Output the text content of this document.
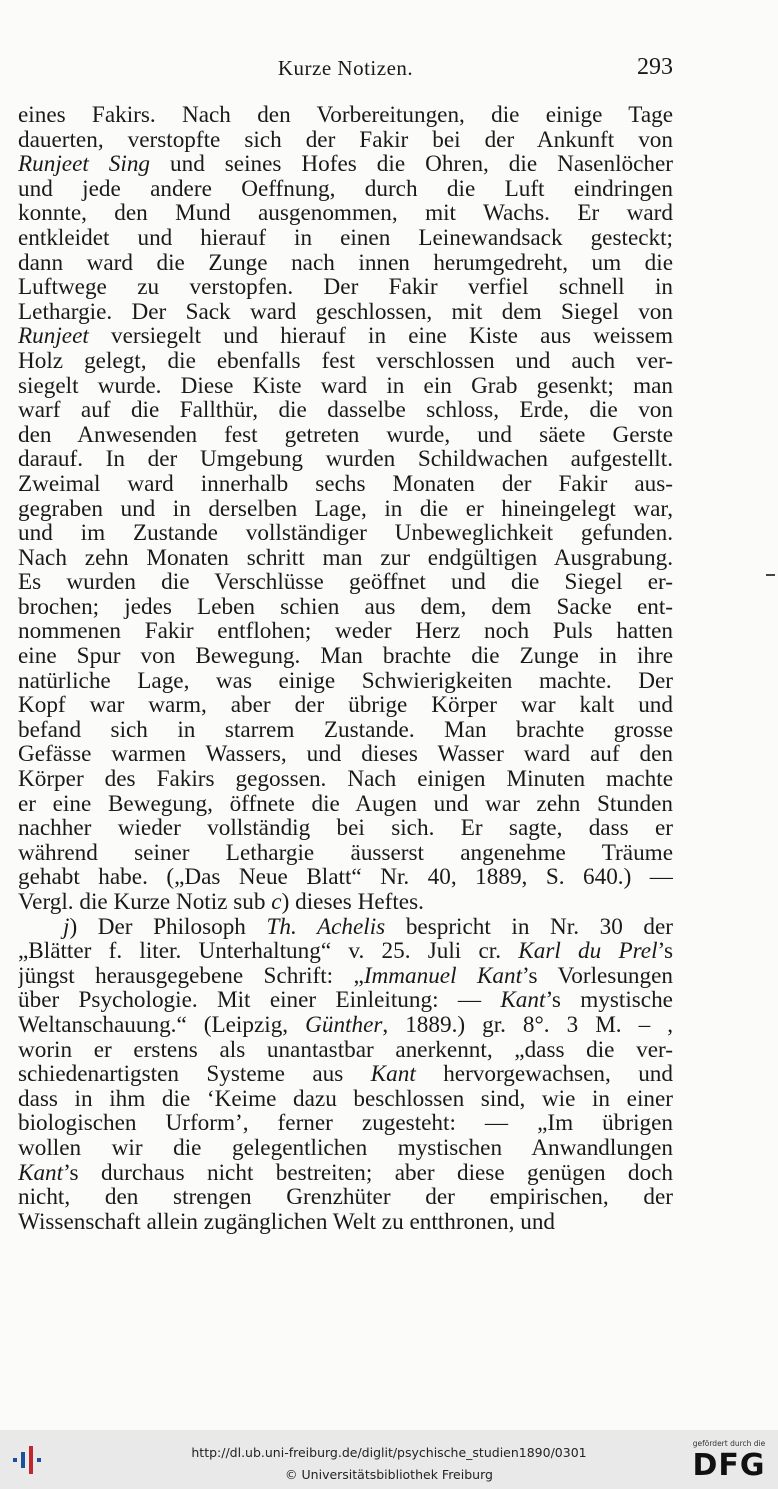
Kurze Notizen.	293
eines Fakirs. Nach den Vorbereitungen, die einige Tage
dauerten, verstopfte sich der Fakir bei der Ankunft von
Runjeet Sing und seines Hofes die Ohren, die Nasenlöcher
und jede andere Oeffnung, durch die Luft eindringen
konnte, den Mund ausgenommen, mit Wachs. Er ward
entkleidet und hierauf in einen Leinewandsack gesteckt;
dann ward die Zunge nach innen herumgedreht, um die
Luftwege zu verstopfen. Der Fakir verfiel schnell in
Lethargie. Der Sack ward geschlossen, mit dem Siegel von
Runjeet versiegelt und hierauf in eine Kiste aus weissem
Holz gelegt, die ebenfalls fest verschlossen und auch ver-
siegelt wurde. Diese Kiste ward in ein Grab gesenkt; man
warf auf die Fallthür, die dasselbe schloss, Erde, die von
den Anwesenden fest getreten wurde, und säete Gerste
darauf. In der Umgebung wurden Schildwachen aufgestellt.
Zweimal ward innerhalb sechs Monaten der Fakir aus-
gegraben und in derselben Lage, in die er hineingelegt war,
und im Zustande vollständiger Unbeweglichkeit gefunden.
Nach zehn Monaten schritt man zur endgültigen Ausgrabung.
Es wurden die Verschlüsse geöffnet und die Siegel er-
brochen; jedes Leben schien aus dem, dem Sacke ent-
nommenen Fakir entflohen; weder Herz noch Puls hatten
eine Spur von Bewegung. Man brachte die Zunge in ihre
natürliche Lage, was einige Schwierigkeiten machte. Der
Kopf war warm, aber der übrige Körper war kalt und
befand sich in starrem Zustande. Man brachte grosse
Gefässe warmen Wassers, und dieses Wasser ward auf den
Körper des Fakirs gegossen. Nach einigen Minuten machte
er eine Bewegung, öffnete die Augen und war zehn Stunden
nachher wieder vollständig bei sich. Er sagte, dass er
während seiner Lethargie äusserst angenehme Träume
gehabt habe. („Das Neue Blatt“ Nr. 40, 1889, S. 640.) —
Vergl. die Kurze Notiz sub c) dieses Heftes.
j) Der Philosoph Th. Achelis bespricht in Nr. 30 der
„Blätter f. liter. Unterhaltung“ v. 25. Juli cr. Karl du Prel’s
jüngst herausgegebene Schrift: „Immanuel Kant’s Vorlesungen
über Psychologie. Mit einer Einleitung: — Kant’s mystische
Weltanschauung.“ (Leipzig, Günther, 1889.) gr. 8°. 3 M. – ,
worin er erstens als unantastbar anerkennt, „dass die ver-
schiedenartigsten Systeme aus Kant hervorgewachsen, und
dass in ihm die ‘Keime dazu beschlossen sind, wie in einer
biologischen Urform’, ferner zugesteht: — „Im übrigen
wollen wir die gelegentlichen mystischen Anwandlungen
Kant’s durchaus nicht bestreiten; aber diese genügen doch
nicht, den strengen Grenzhüter der empirischen, der
Wissenschaft allein zugänglichen Welt zu entthronen, und
http://dl.ub.uni-freiburg.de/diglit/psychische_studien1890/0301
© Universitätsbibliothek Freiburg
gefördert durch die
DFG
